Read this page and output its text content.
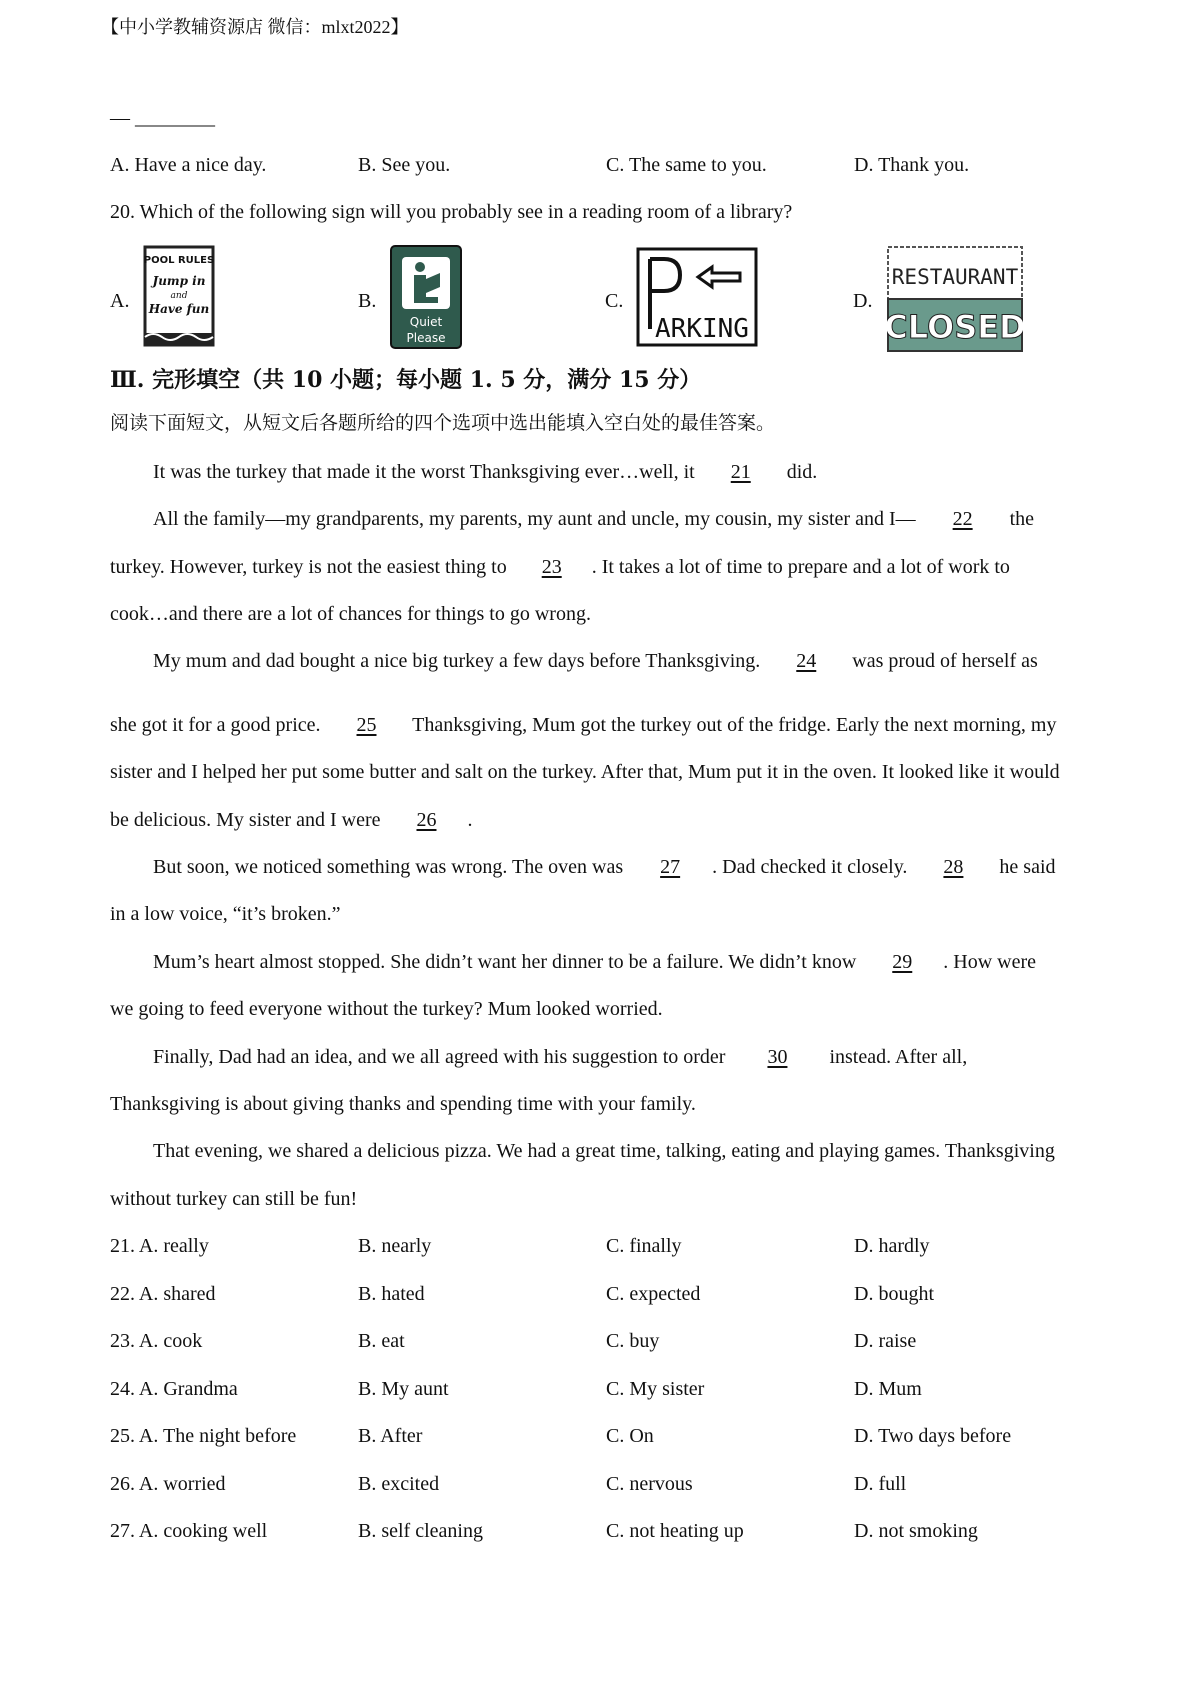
【中小学教辅资源店 微信：mlxt2022】
— ________
A. Have a nice day.	B. See you.	C. The same to you.	D. Thank you.
20. Which of the following sign will you probably see in a reading room of a library?
A.	B.	C.	D.
POOL RULES
Jump in
and
Have fun
Quiet
Please	ARKING
RESTAURANT
CLOSED
Ⅲ. 完形填空（共 10 小题；每小题 1. 5 分，满分 15 分）
阅读下面短文，从短文后各题所给的四个选项中选出能填入空白处的最佳答案。
It was the turkey that made it the worst Thanksgiving ever…well, it 21 did.
All the family—my grandparents, my parents, my aunt and uncle, my cousin, my sister and I— 22 the
turkey. However, turkey is not the easiest thing to 23 . It takes a lot of time to prepare and a lot of work to
cook…and there are a lot of chances for things to go wrong.
My mum and dad bought a nice big turkey a few days before Thanksgiving. 24 was proud of herself as
she got it for a good price. 25 Thanksgiving, Mum got the turkey out of the fridge. Early the next morning, my
sister and I helped her put some butter and salt on the turkey. After that, Mum put it in the oven. It looked like it would
be delicious. My sister and I were 26 .
But soon, we noticed something was wrong. The oven was 27 . Dad checked it closely. 28 he said
in a low voice, “it’s broken.”
Mum’s heart almost stopped. She didn’t want her dinner to be a failure. We didn’t know 29 . How were
we going to feed everyone without the turkey? Mum looked worried.
Finally, Dad had an idea, and we all agreed with his suggestion to order 30 instead. After all,
Thanksgiving is about giving thanks and spending time with your family.
That evening, we shared a delicious pizza. We had a great time, talking, eating and playing games. Thanksgiving
without turkey can still be fun!
21. A. really	B. nearly	C. finally	D. hardly
22. A. shared	B. hated	C. expected	D. bought
23. A. cook	B. eat	C. buy	D. raise
24. A. Grandma	B. My aunt	C. My sister	D. Mum
25. A. The night before	B. After	C. On	D. Two days before
26. A. worried	B. excited	C. nervous	D. full
27. A. cooking well	B. self cleaning	C. not heating up	D. not smoking
